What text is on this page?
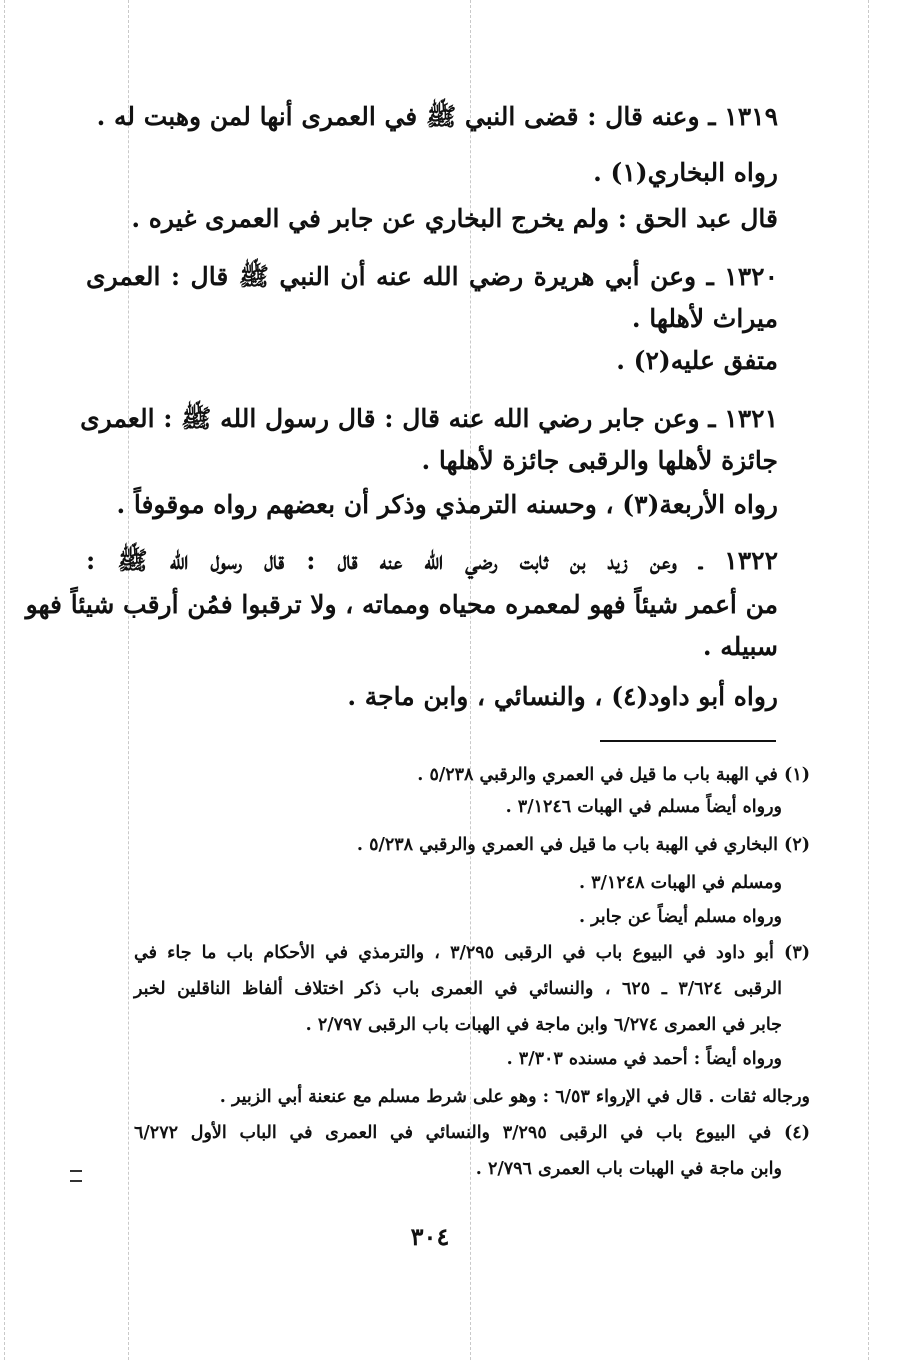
١٣١٩ ـ وعنه قال : قضى النبي ﷺ في العمرى أنها لمن وهبت له .
رواه البخاري(١) .
قال عبد الحق : ولم يخرج البخاري عن جابر في العمرى غيره .
١٣٢٠ ـ وعن أبي هريرة رضي الله عنه أن النبي ﷺ قال : العمرى
ميراث لأهلها .
متفق عليه(٢) .
١٣٢١ ـ وعن جابر رضي الله عنه قال : قال رسول الله ﷺ : العمرى
جائزة لأهلها والرقبى جائزة لأهلها .
رواه الأربعة(٣) ، وحسنه الترمذي وذكر أن بعضهم رواه موقوفاً .
١٣٢٢ ـ وعن زيد بن ثابت رضي الله عنه قال : قال رسول الله ﷺ :
من أعمر شيئاً فهو لمعمره محياه ومماته ، ولا ترقبوا فمُن أرقب شيئاً فهو
سبيله .
رواه أبو داود(٤) ، والنسائي ، وابن ماجة .
(١) في الهبة باب ما قيل في العمري والرقبي ٥/٢٣٨ .
ورواه أيضاً مسلم في الهبات ٣/١٢٤٦ .
(٢) البخاري في الهبة باب ما قيل في العمري والرقبي ٥/٢٣٨ .
ومسلم في الهبات ٣/١٢٤٨ .
ورواه مسلم أيضاً عن جابر .
(٣) أبو داود في البيوع باب في الرقبى ٣/٢٩٥ ، والترمذي في الأحكام باب ما جاء في
الرقبى ٣/٦٢٤ ـ ٦٢٥ ، والنسائي في العمرى باب ذكر اختلاف ألفاظ الناقلين لخبر
جابر في العمرى ٦/٢٧٤ وابن ماجة في الهبات باب الرقبى ٢/٧٩٧ .
ورواه أيضاً : أحمد في مسنده ٣/٣٠٣ .
ورجاله ثقات . قال في الإرواء ٦/٥٣ : وهو على شرط مسلم مع عنعنة أبي الزبير .
(٤) في البيوع باب في الرقبى ٣/٢٩٥ والنسائي في العمرى في الباب الأول ٦/٢٧٢
وابن ماجة في الهبات باب العمرى ٢/٧٩٦ .
٣٠٤
